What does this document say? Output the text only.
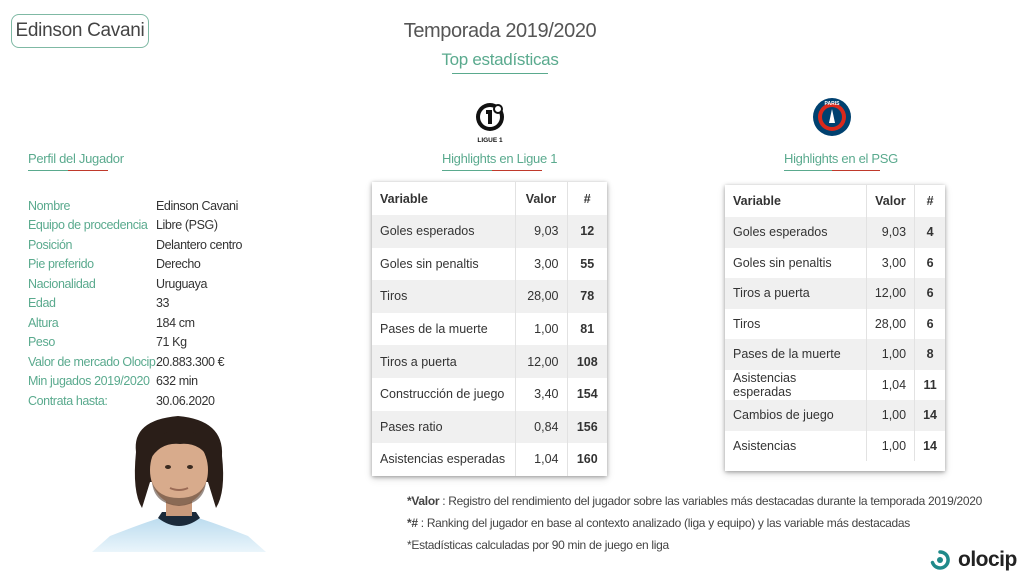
Edinson Cavani	Temporada 2019/2020
Top estadísticas
LIGUE 1
PARIS
Perfil del Jugador	Highlights en Ligue 1	Highlights en el PSG
Nombre	Edinson Cavani
Equipo de procedencia Libre (PSG)
Posición	Delantero centro
Pie preferido	Derecho
Nacionalidad	Uruguaya
Edad	33
Altura	184 cm
Peso	71 Kg
Valor de mercado Olocip 20.883.300 €
Min jugados 2019/2020 632 min
Contrata hasta:	30.06.2020
Variable	Valor	#
Goles esperados	9,03	12
Goles sin penaltis	3,00	55
Tiros	28,00	78
Pases de la muerte	1,00	81
Tiros a puerta	12,00	108
Construcción de juego	3,40	154
Pases ratio	0,84	156
Asistencias esperadas	1,04	160
Variable	Valor	#
Goles esperados	9,03	4
Goles sin penaltis	3,00	6
Tiros a puerta	12,00	6
Tiros	28,00	6
Pases de la muerte	1,00	8
Asistencias esperadas	1,04	11
Cambios de juego	1,00	14
Asistencias	1,00	14
*Valor : Registro del rendimiento del jugador sobre las variables más destacadas durante la temporada 2019/2020
*# : Ranking del jugador en base al contexto analizado (liga y equipo) y las variable más destacadas
*Estadísticas calculadas por 90 min de juego en liga
olocip
